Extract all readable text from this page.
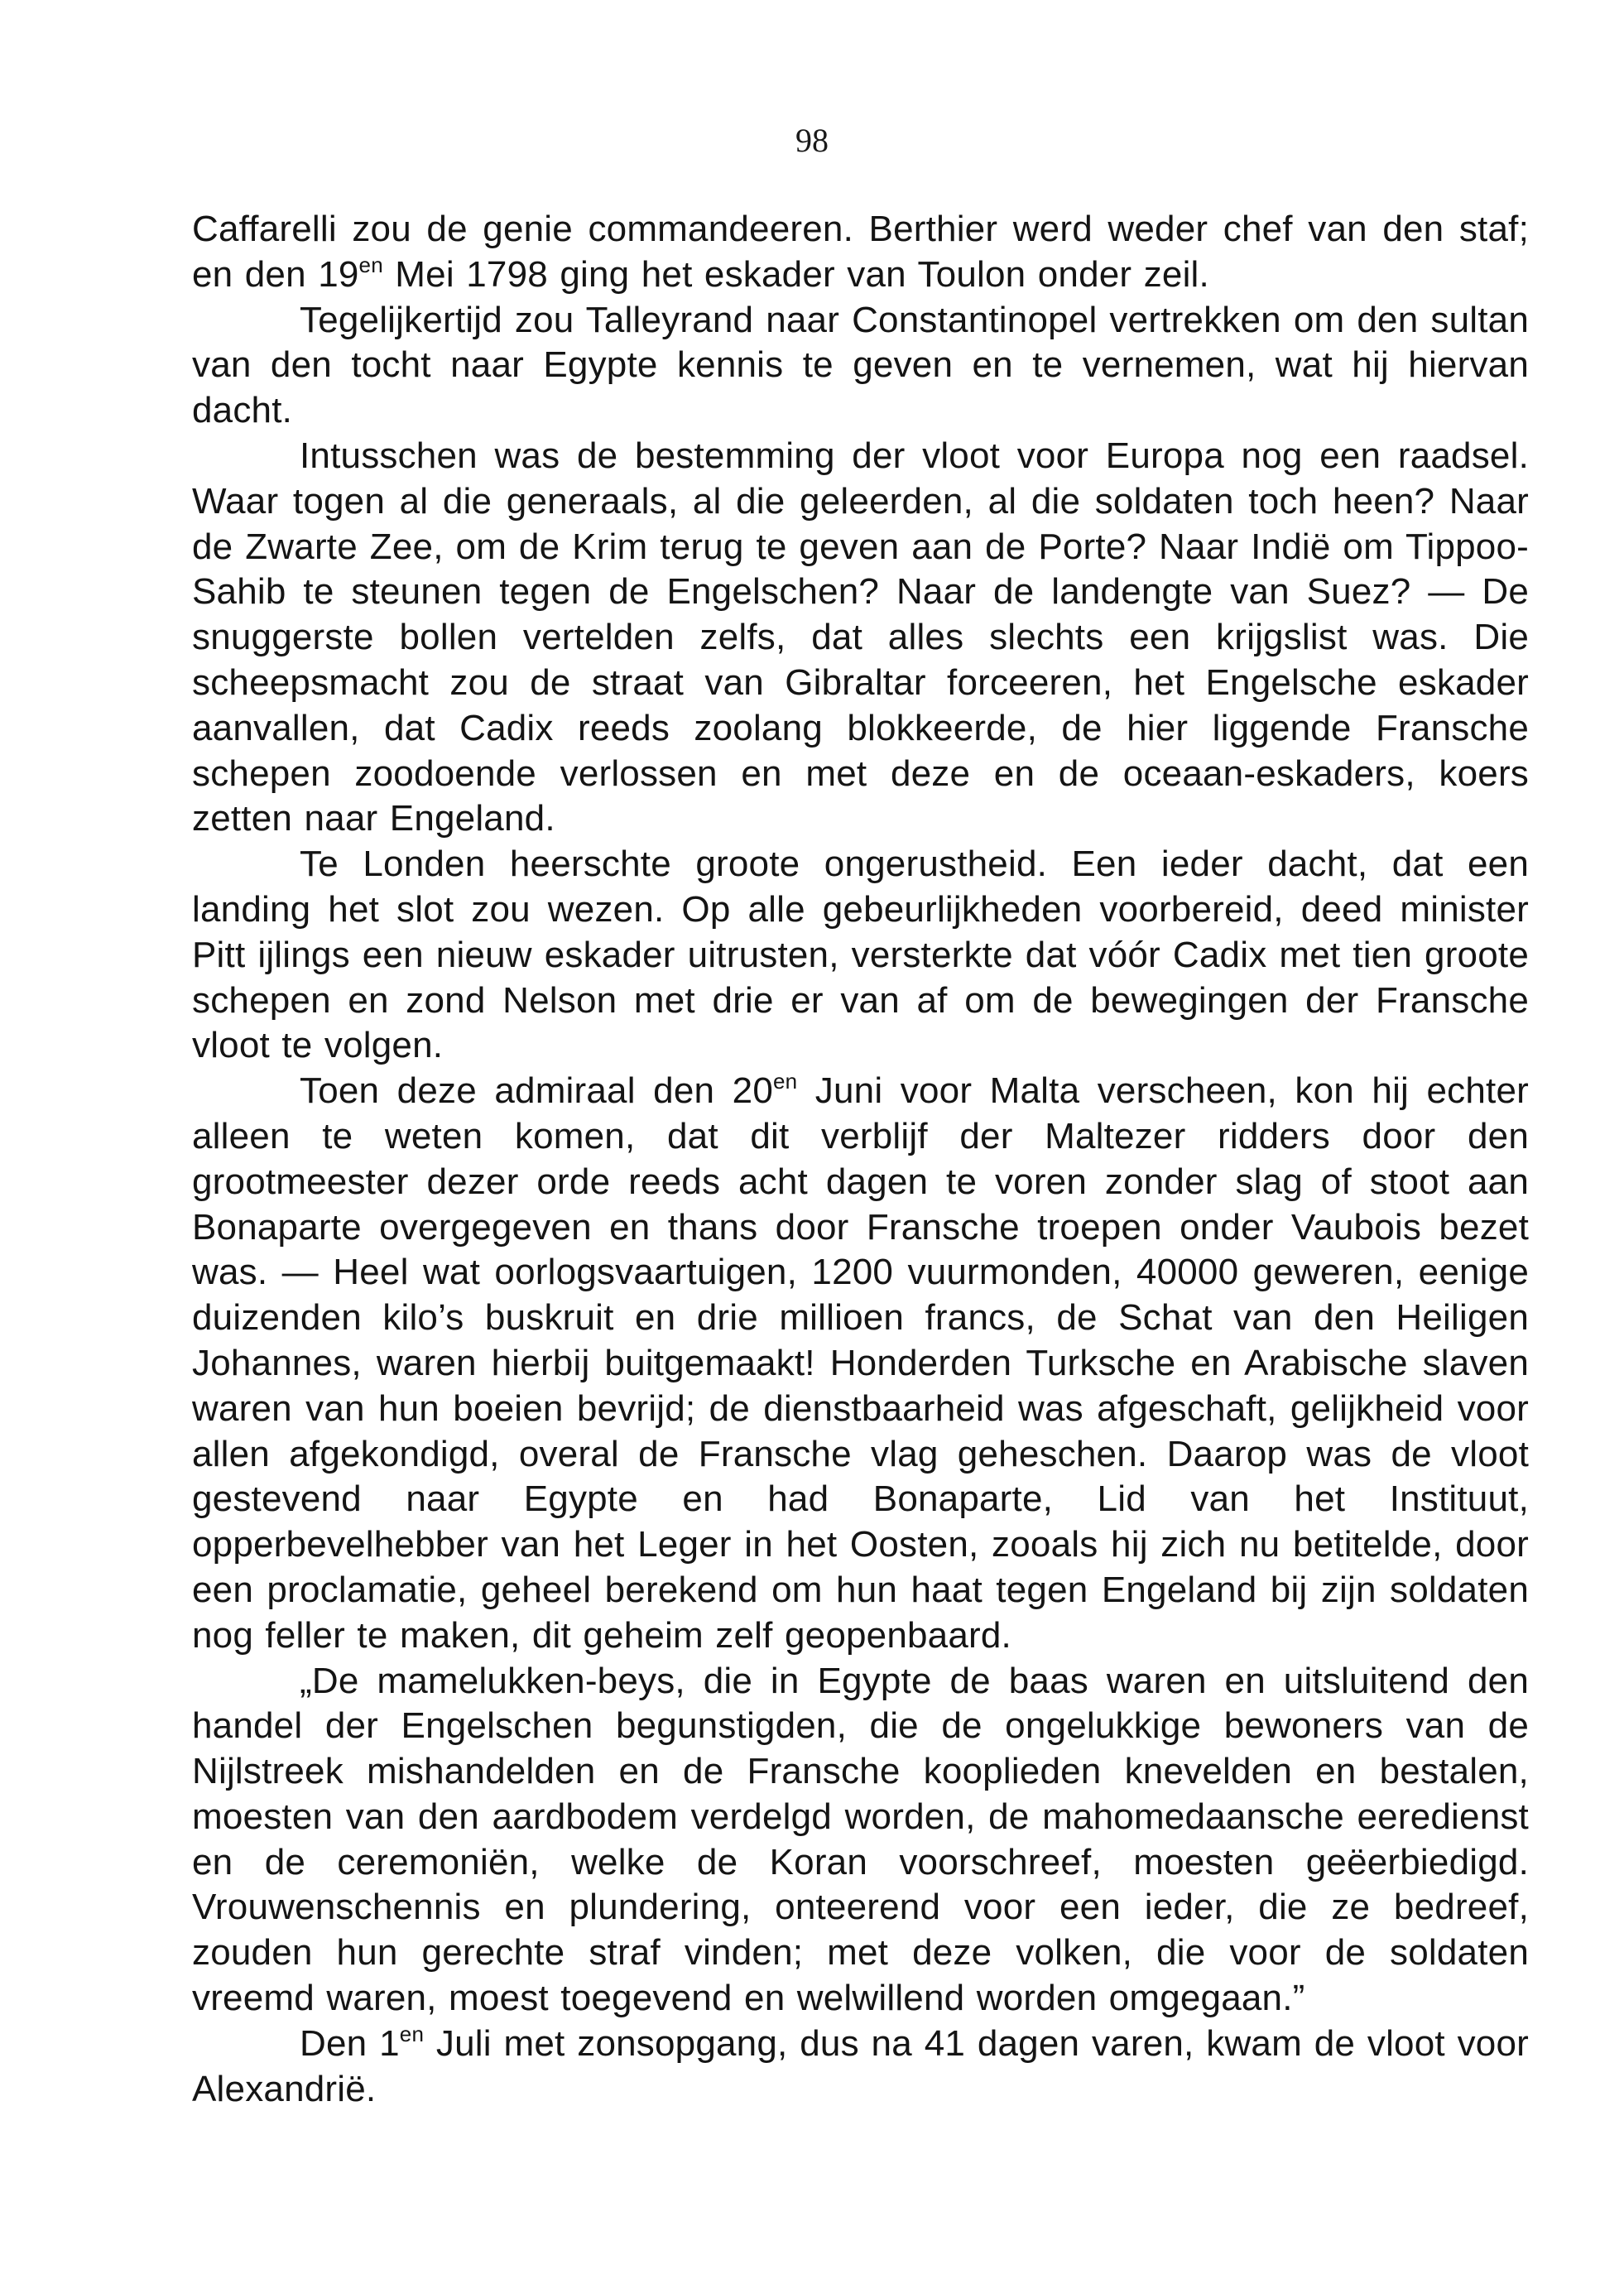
98

Caffarelli zou de genie commandeeren. Berthier werd weder chef van den staf; en den $19^{en}$ Mei 1798 ging het eskader van Toulon onder zeil.

Tegelijkertijd zou Talleyrand naar Constantinopel vertrekken om den sultan van den tocht naar Egypte kennis te geven en te vernemen, wat hij hiervan dacht.

Intusschen was de bestemming der vloot voor Europa nog een raadsel. Waar togen al die generaals, al die geleerden, al die soldaten toch heen? Naar de Zwarte Zee, om de Krim terug te geven aan de Porte? Naar Indië om Tippoo-Sahib te steunen tegen de Engelschen? Naar de landengte van Suez? — De snuggerste bollen vertelden zelfs, dat alles slechts een krijgslist was. Die scheepsmacht zou de straat van Gibraltar forceeren, het Engelsche eskader aanvallen, dat Cadix reeds zoolang blokkeerde, de hier liggende Fransche schepen zoodoende verlossen en met deze en de oceaan-eskaders, koers zetten naar Engeland.

Te Londen heerschte groote ongerustheid. Een ieder dacht, dat een landing het slot zou wezen. Op alle gebeurlijkheden voorbereid, deed minister Pitt ijlings een nieuw eskader uitrusten, versterkte dat vóór Cadix met tien groote schepen en zond Nelson met drie er van af om de bewegingen der Fransche vloot te volgen.

Toen deze admiraal den $20^{en}$ Juni voor Malta verscheen, kon hij echter alleen te weten komen, dat dit verblijf der Maltezer ridders door den grootmeester dezer orde reeds acht dagen te voren zonder slag of stoot aan Bonaparte overgegeven en thans door Fransche troepen onder Vaubois bezet was. — Heel wat oorlogsvaartuigen, 1200 vuurmonden, 40000 geweren, eenige duizenden kilo’s buskruit en drie millioen francs, de Schat van den Heiligen Johannes, waren hierbij buitgemaakt! Honderden Turksche en Arabische slaven waren van hun boeien bevrijd; de dienstbaarheid was afgeschaft, gelijkheid voor allen afgekondigd, overal de Fransche vlag geheschen. Daarop was de vloot gestevend naar Egypte en had Bonaparte, Lid van het Instituut, opperbevelhebber van het Leger in het Oosten, zooals hij zich nu betitelde, door een proclamatie, geheel berekend om hun haat tegen Engeland bij zijn soldaten nog feller te maken, dit geheim zelf geopenbaard.

„De mamelukken-beys, die in Egypte de baas waren en uitsluitend den handel der Engelschen begunstigden, die de ongelukkige bewoners van de Nijlstreek mishandelden en de Fransche kooplieden knevelden en bestalen, moesten van den aardbodem verdelgd worden, de mahomedaansche eeredienst en de ceremoniën, welke de Koran voorschreef, moesten geëerbiedigd. Vrouwenschennis en plundering, onteerend voor een ieder, die ze bedreef, zouden hun gerechte straf vinden; met deze volken, die voor de soldaten vreemd waren, moest toegevend en welwillend worden omgegaan.”

Den $1^{en}$ Juli met zonsopgang, dus na 41 dagen varen, kwam de vloot voor Alexandrië.
